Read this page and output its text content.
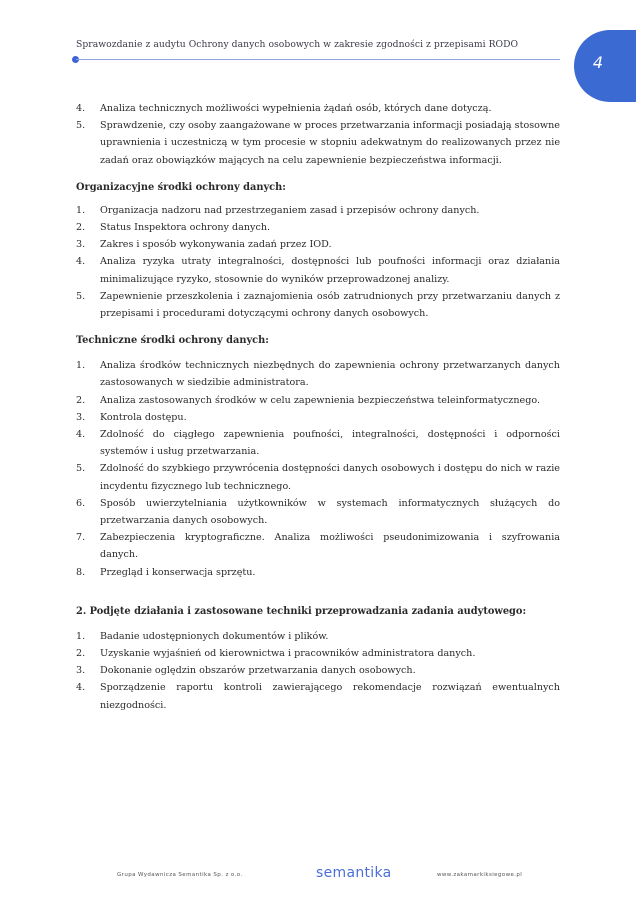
Sprawozdanie z audytu Ochrony danych osobowych w zakresie zgodności z przepisami RODO
4
4.	Analiza technicznych możliwości wypełnienia żądań osób, których dane dotyczą.
5.	Sprawdzenie, czy osoby zaangażowane w proces przetwarzania informacji posiadają stosowne uprawnienia i uczestniczą w tym procesie w stopniu adekwatnym do realizowanych przez nie zadań oraz obowiązków mających na celu zapewnienie bezpieczeństwa informacji.

Organizacyjne środki ochrony danych:

1.	Organizacja nadzoru nad przestrzeganiem zasad i przepisów ochrony danych.
2.	Status Inspektora ochrony danych.
3.	Zakres i sposób wykonywania zadań przez IOD.
4.	Analiza ryzyka utraty integralności, dostępności lub poufności informacji oraz działania minimalizujące ryzyko, stosownie do wyników przeprowadzonej analizy.
5.	Zapewnienie przeszkolenia i zaznajomienia osób zatrudnionych przy przetwarzaniu danych z przepisami i procedurami dotyczącymi ochrony danych osobowych.

Techniczne środki ochrony danych:

1.	Analiza środków technicznych niezbędnych do zapewnienia ochrony przetwarzanych danych zastosowanych w siedzibie administratora.
2.	Analiza zastosowanych środków w celu zapewnienia bezpieczeństwa teleinformatycznego.
3.	Kontrola dostępu.
4.	Zdolność do ciągłego zapewnienia poufności, integralności, dostępności i odporności systemów i usług przetwarzania.
5.	Zdolność do szybkiego przywrócenia dostępności danych osobowych i dostępu do nich w razie incydentu fizycznego lub technicznego.
6.	Sposób uwierzytelniania użytkowników w systemach informatycznych służących do przetwarzania danych osobowych.
7.	Zabezpieczenia kryptograficzne. Analiza możliwości pseudonimizowania i szyfrowania danych.
8.	Przegląd i konserwacja sprzętu.

2. Podjęte działania i zastosowane techniki przeprowadzania zadania audytowego:

1.	Badanie udostępnionych dokumentów i plików.
2.	Uzyskanie wyjaśnień od kierownictwa i pracowników administratora danych.
3.	Dokonanie oględzin obszarów przetwarzania danych osobowych.
4.	Sporządzenie raportu kontroli zawierającego rekomendacje rozwiązań ewentualnych niezgodności.
Grupa Wydawnicza Semantika Sp. z o.o.	semantika	www.zakamarkiksiegowe.pl
